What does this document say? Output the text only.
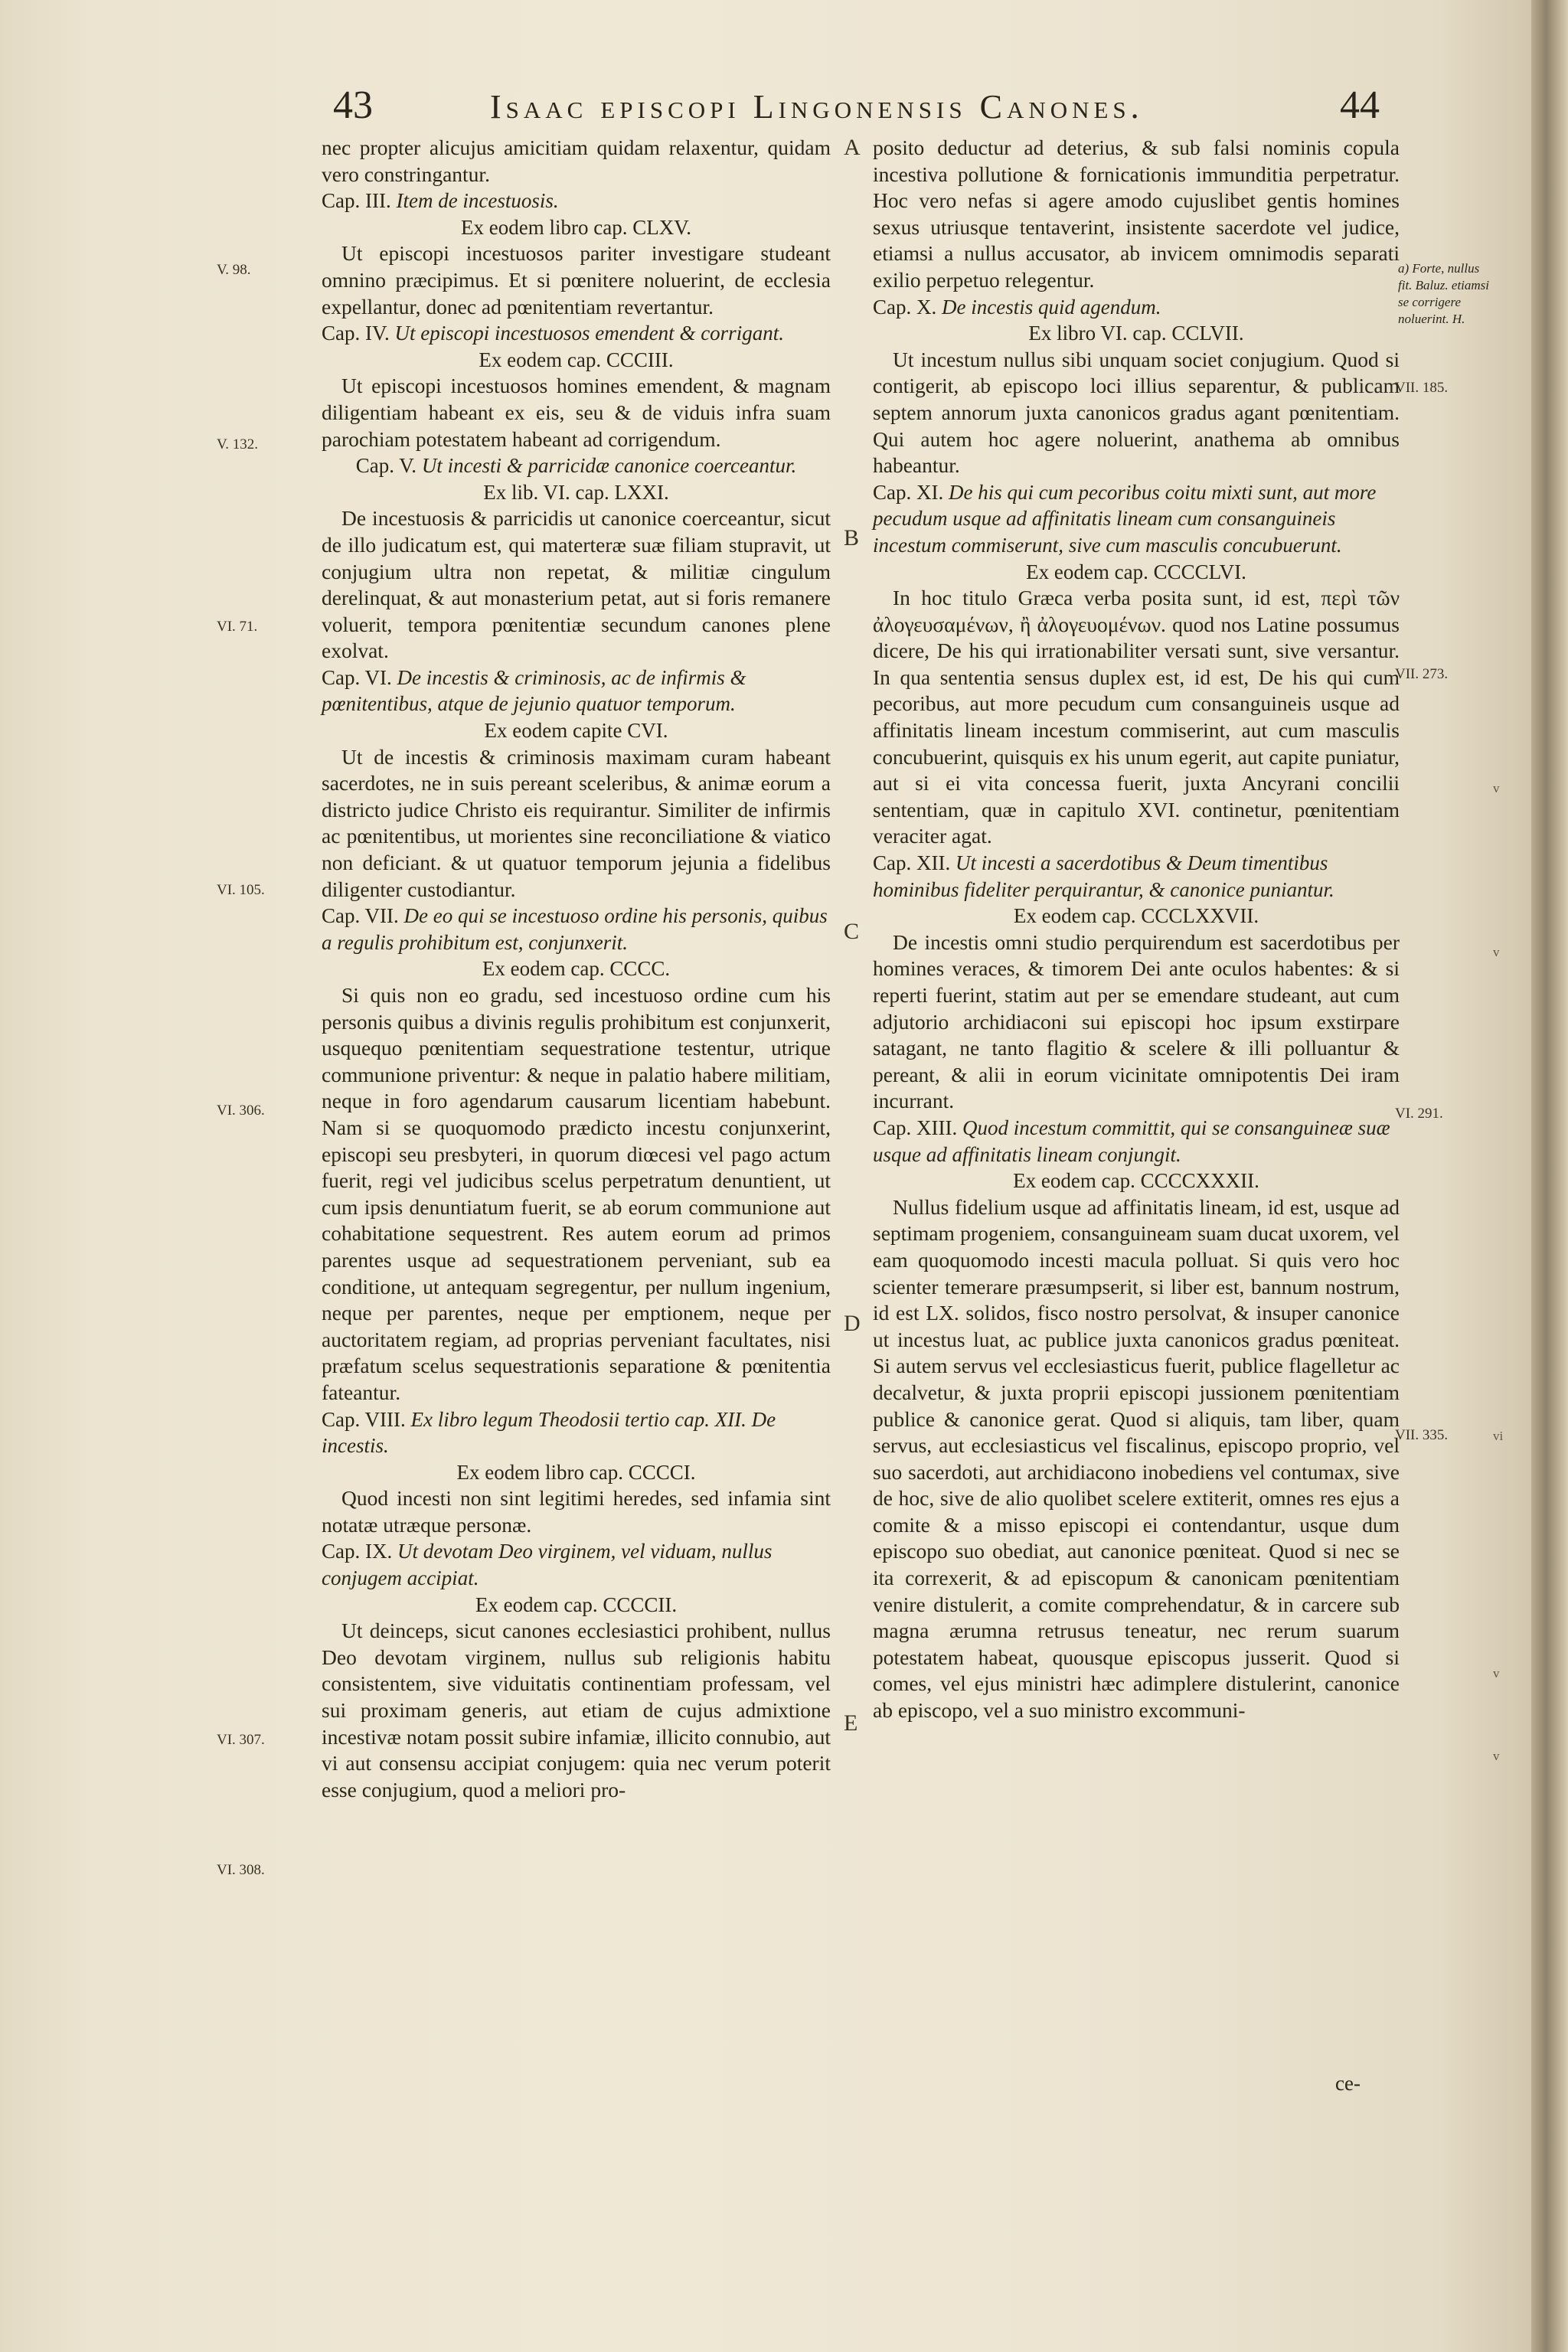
43	Isaac episcopi Lingonensis Canones.	44

nec propter alicujus amicitiam quidam relaxentur, quidam vero constringantur.

Cap. III. Item de incestuosis.

Ex eodem libro cap. CLXV.

Ut episcopi incestuosos pariter investigare studeant omnino præcipimus. Et si pœnitere noluerint, de ecclesia expellantur, donec ad pœnitentiam revertantur.

Cap. IV. Ut episcopi incestuosos emendent & corrigant.

Ex eodem cap. CCCIII.

Ut episcopi incestuosos homines emendent, & magnam diligentiam habeant ex eis, seu & de viduis infra suam parochiam potestatem habeant ad corrigendum.

Cap. V. Ut incesti & parricidæ canonice coerceantur.

Ex lib. VI. cap. LXXI.

De incestuosis & parricidis ut canonice coerceantur, sicut de illo judicatum est, qui materteræ suæ filiam stupravit, ut conjugium ultra non repetat, & militiæ cingulum derelinquat, & aut monasterium petat, aut si foris remanere voluerit, tempora pœnitentiæ secundum canones plene exolvat.

Cap. VI. De incestis & criminosis, ac de infirmis & pœnitentibus, atque de jejunio quatuor temporum.

Ex eodem capite CVI.

Ut de incestis & criminosis maximam curam habeant sacerdotes, ne in suis pereant sceleribus, & animæ eorum a districto judice Christo eis requirantur. Similiter de infirmis ac pœnitentibus, ut morientes sine reconciliatione & viatico non deficiant. & ut quatuor temporum jejunia a fidelibus diligenter custodiantur.

Cap. VII. De eo qui se incestuoso ordine his personis, quibus a regulis prohibitum est, conjunxerit.

Ex eodem cap. CCCC.

Si quis non eo gradu, sed incestuoso ordine cum his personis quibus a divinis regulis prohibitum est conjunxerit, usquequo pœnitentiam sequestratione testentur, utrique communione priventur: & neque in palatio habere militiam, neque in foro agendarum causarum licentiam habebunt. Nam si se quoquomodo prædicto incestu conjunxerint, episcopi seu presbyteri, in quorum diœcesi vel pago actum fuerit, regi vel judicibus scelus perpetratum denuntient, ut cum ipsis denuntiatum fuerit, se ab eorum communione aut cohabitatione sequestrent. Res autem eorum ad primos parentes usque ad sequestrationem perveniant, sub ea conditione, ut antequam segregentur, per nullum ingenium, neque per parentes, neque per emptionem, neque per auctoritatem regiam, ad proprias perveniant facultates, nisi præfatum scelus sequestrationis separatione & pœnitentia fateantur.

Cap. VIII. Ex libro legum Theodosii tertio cap. XII. De incestis.

Ex eodem libro cap. CCCCI.

Quod incesti non sint legitimi heredes, sed infamia sint notatæ utræque personæ.

Cap. IX. Ut devotam Deo virginem, vel viduam, nullus conjugem accipiat.

Ex eodem cap. CCCCII.

Ut deinceps, sicut canones ecclesiastici prohibent, nullus Deo devotam virginem, nullus sub religionis habitu consistentem, sive viduitatis continentiam professam, vel sui proximam generis, aut etiam de cujus admixtione incestivæ notam possit subire infamiæ, illicito connubio, aut vi aut consensu accipiat conjugem: quia nec verum poterit esse conjugium, quod a meliori pro-

posito deductur ad deterius, & sub falsi nominis copula incestiva pollutione & fornicationis immunditia perpetratur. Hoc vero nefas si agere amodo cujuslibet gentis homines sexus utriusque tentaverint, insistente sacerdote vel judice, etiamsi a nullus accusator, ab invicem omnimodis separati exilio perpetuo relegentur.

Cap. X. De incestis quid agendum.

Ex libro VI. cap. CCLVII.

Ut incestum nullus sibi unquam societ conjugium. Quod si contigerit, ab episcopo loci illius separentur, & publicam septem annorum juxta canonicos gradus agant pœnitentiam. Qui autem hoc agere noluerint, anathema ab omnibus habeantur.

Cap. XI. De his qui cum pecoribus coitu mixti sunt, aut more pecudum usque ad affinitatis lineam cum consanguineis incestum commiserunt, sive cum masculis concubuerunt.

Ex eodem cap. CCCCLVI.

In hoc titulo Græca verba posita sunt, id est, περὶ τῶν ἀλογευσαμένων, ἢ ἀλογευομένων. quod nos Latine possumus dicere, De his qui irrationabiliter versati sunt, sive versantur. In qua sententia sensus duplex est, id est, De his qui cum pecoribus, aut more pecudum cum consanguineis usque ad affinitatis lineam incestum commiserint, aut cum masculis concubuerint, quisquis ex his unum egerit, aut capite puniatur, aut si ei vita concessa fuerit, juxta Ancyrani concilii sententiam, quæ in capitulo XVI. continetur, pœnitentiam veraciter agat.

Cap. XII. Ut incesti a sacerdotibus & Deum timentibus hominibus fideliter perquirantur, & canonice puniantur.

Ex eodem cap. CCCLXXVII.

De incestis omni studio perquirendum est sacerdotibus per homines veraces, & timorem Dei ante oculos habentes: & si reperti fuerint, statim aut per se emendare studeant, aut cum adjutorio archidiaconi sui episcopi hoc ipsum exstirpare satagant, ne tanto flagitio & scelere & illi polluantur & pereant, & alii in eorum vicinitate omnipotentis Dei iram incurrant.

Cap. XIII. Quod incestum committit, qui se consanguineæ suæ usque ad affinitatis lineam conjungit.

Ex eodem cap. CCCCXXXII.

Nullus fidelium usque ad affinitatis lineam, id est, usque ad septimam progeniem, consanguineam suam ducat uxorem, vel eam quoquomodo incesti macula polluat. Si quis vero hoc scienter temerare præsumpserit, si liber est, bannum nostrum, id est LX. solidos, fisco nostro persolvat, & insuper canonice ut incestus luat, ac publice juxta canonicos gradus pœniteat. Si autem servus vel ecclesiasticus fuerit, publice flagelletur ac decalvetur, & juxta proprii episcopi jussionem pœnitentiam publice & canonice gerat. Quod si aliquis, tam liber, quam servus, aut ecclesiasticus vel fiscalinus, episcopo proprio, vel suo sacerdoti, aut archidiacono inobediens vel contumax, sive de hoc, sive de alio quolibet scelere extiterit, omnes res ejus a comite & a misso episcopi ei contendantur, usque dum episcopo suo obediat, aut canonice pœniteat. Quod si nec se ita correxerit, & ad episcopum & canonicam pœnitentiam venire distulerit, a comite comprehendatur, & in carcere sub magna ærumna retrusus teneatur, nec rerum suarum potestatem habeat, quousque episcopus jusserit. Quod si comes, vel ejus ministri hæc adimplere distulerint, canonice ab episcopo, vel a suo ministro excommuni-

V. 98.
V. 132.
VI. 71.
VI. 105.
VI. 306.
VI. 307.
VI. 308.
VII. 185.
VII. 273.
VI. 291.
VII. 335.
A
B
C
D
E
v
v
vi
v
v
a) Forte, nullus fit. Baluz. etiamsi se corrigere noluerint. H.
ce-
